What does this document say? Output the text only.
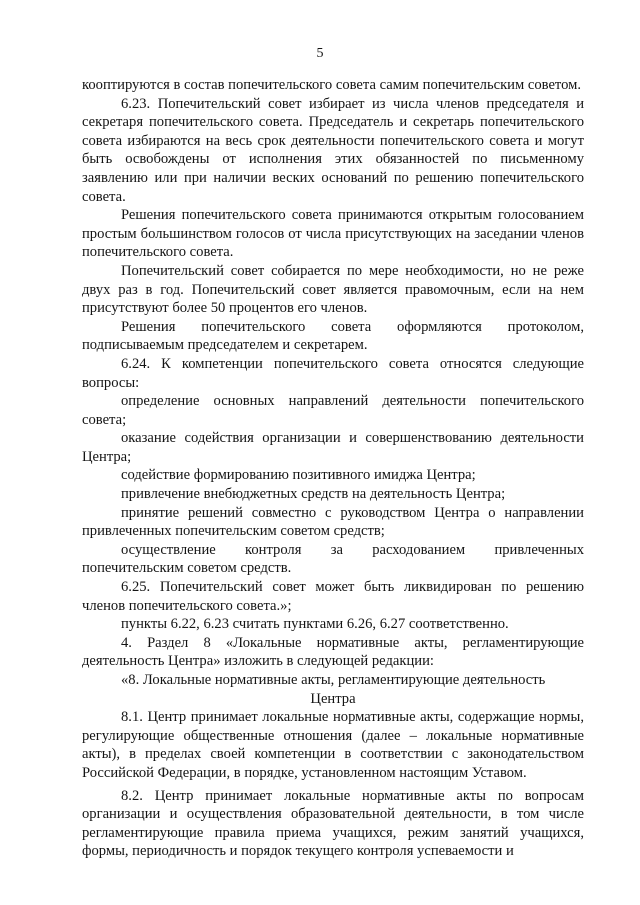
5

кооптируются в состав попечительского совета самим попечительским советом.

6.23. Попечительский совет избирает из числа членов председателя и секретаря попечительского совета. Председатель и секретарь попечительского совета избираются на весь срок деятельности попечительского совета и могут быть освобождены от исполнения этих обязанностей по письменному заявлению или при наличии веских оснований по решению попечительского совета.

Решения попечительского совета принимаются открытым голосованием простым большинством голосов от числа присутствующих на заседании членов попечительского совета.

Попечительский совет собирается по мере необходимости, но не реже двух раз в год. Попечительский совет является правомочным, если на нем присутствуют более 50 процентов его членов.

Решения попечительского совета оформляются протоколом, подписываемым председателем и секретарем.

6.24. К компетенции попечительского совета относятся следующие вопросы:

определение основных направлений деятельности попечительского совета;

оказание содействия организации и совершенствованию деятельности Центра;

содействие формированию позитивного имиджа Центра;

привлечение внебюджетных средств на деятельность Центра;

принятие решений совместно с руководством Центра о направлении привлеченных попечительским советом средств;

осуществление контроля за расходованием привлеченных попечительским советом средств.

6.25. Попечительский совет может быть ликвидирован по решению членов попечительского совета.»;

пункты 6.22, 6.23 считать пунктами 6.26, 6.27 соответственно.

4. Раздел 8 «Локальные нормативные акты, регламентирующие деятельность Центра» изложить в следующей редакции:

«8. Локальные нормативные акты, регламентирующие деятельность

Центра

8.1. Центр принимает локальные нормативные акты, содержащие нормы, регулирующие общественные отношения (далее – локальные нормативные акты), в пределах своей компетенции в соответствии с законодательством Российской Федерации, в порядке, установленном настоящим Уставом.

8.2. Центр принимает локальные нормативные акты по вопросам организации и осуществления образовательной деятельности, в том числе регламентирующие правила приема учащихся, режим занятий учащихся, формы, периодичность и порядок текущего контроля успеваемости и
